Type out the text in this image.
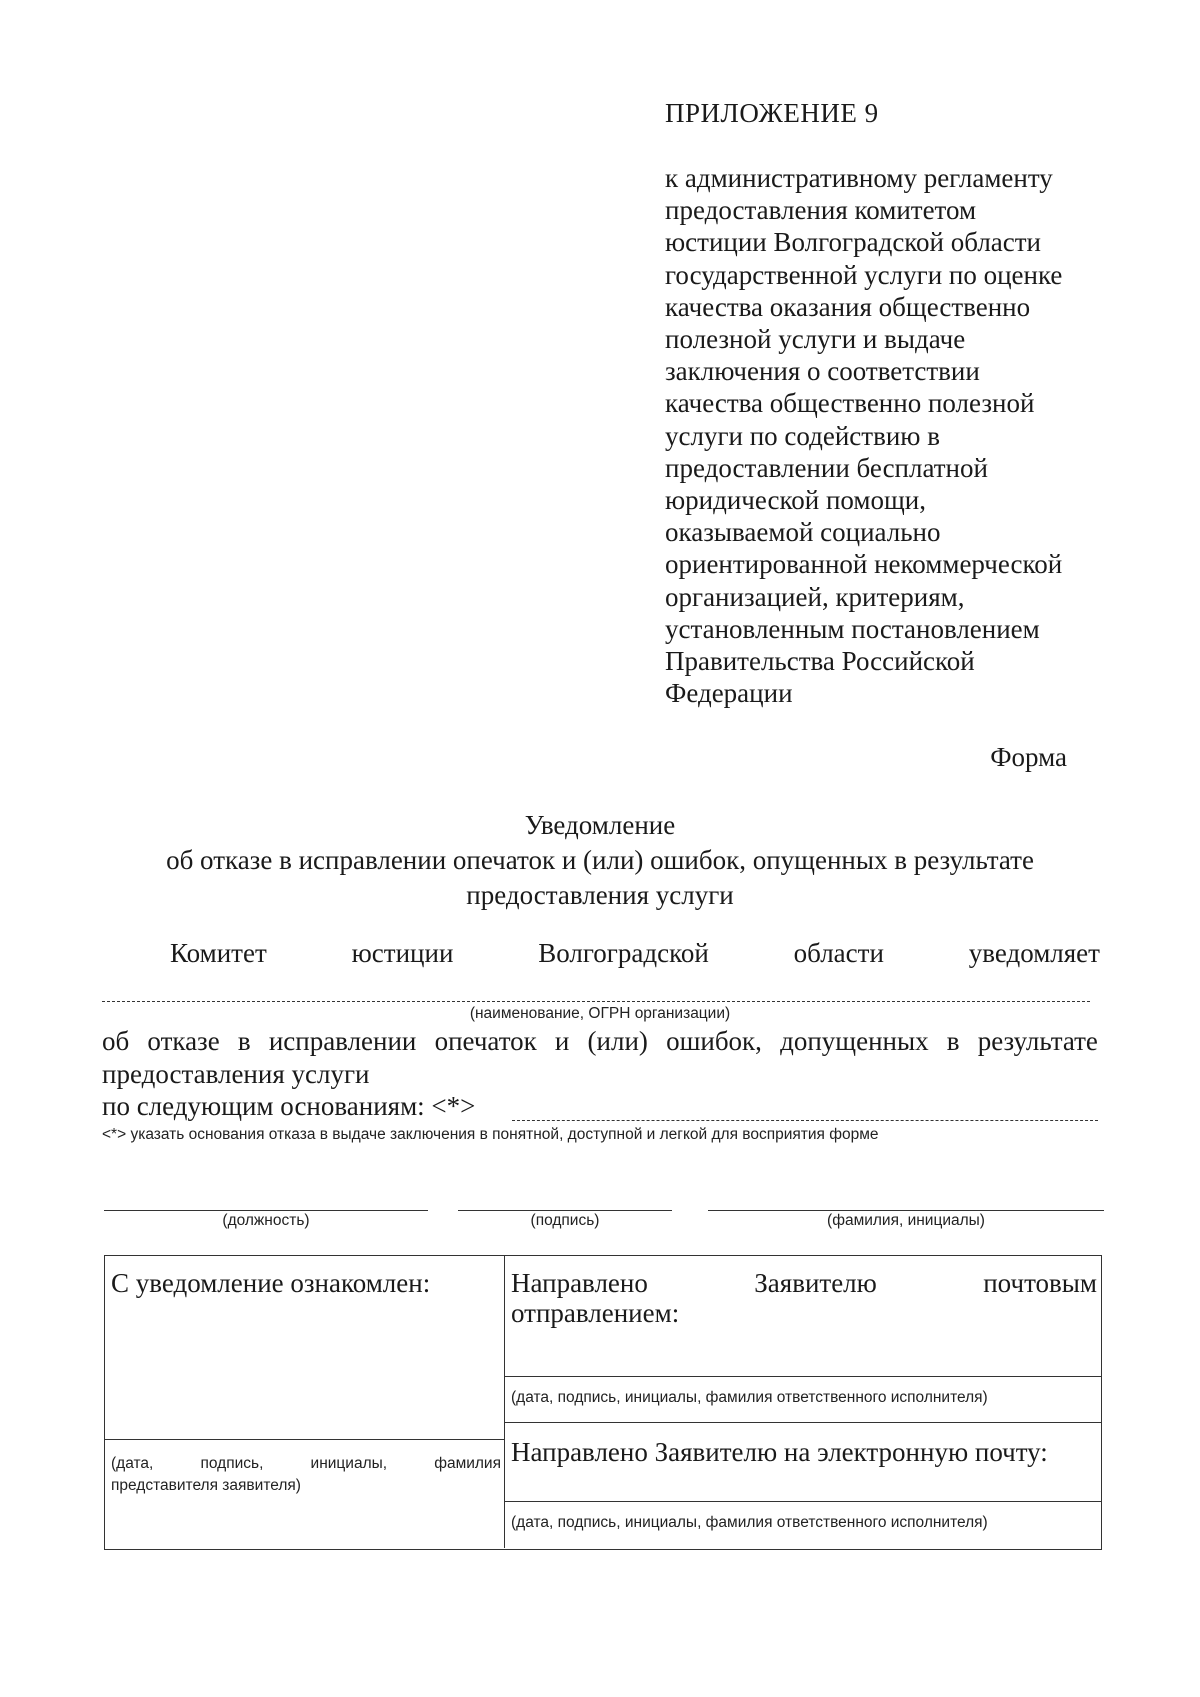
ПРИЛОЖЕНИЕ 9
к административному регламенту
предоставления комитетом
юстиции Волгоградской области
государственной услуги по оценке
качества оказания общественно
полезной услуги и выдаче
заключения о соответствии
качества общественно полезной
услуги по содействию в
предоставлении бесплатной
юридической помощи,
оказываемой социально
ориентированной некоммерческой
организацией, критериям,
установленным постановлением
Правительства Российской
Федерации
Форма
Уведомление
об отказе в исправлении опечаток и (или) ошибок, опущенных в результате
предоставления услуги
Комитет	юстиции	Волгоградской	области	уведомляет
(наименование, ОГРН организации)
об отказе в исправлении опечаток и (или) ошибок, допущенных в результате
предоставления услуги
по следующим основаниям: <*>
<*> указать основания отказа в выдаче заключения в понятной, доступной и легкой для восприятия форме
(должность)	(подпись)	(фамилия, инициалы)
С уведомление ознакомлен:
(дата,	подпись,	инициалы,	фамилия
представителя заявителя)
Направлено	Заявителю	почтовым
отправлением:
(дата, подпись, инициалы, фамилия ответственного исполнителя)
Направлено Заявителю на электронную почту:
(дата, подпись, инициалы, фамилия ответственного исполнителя)
